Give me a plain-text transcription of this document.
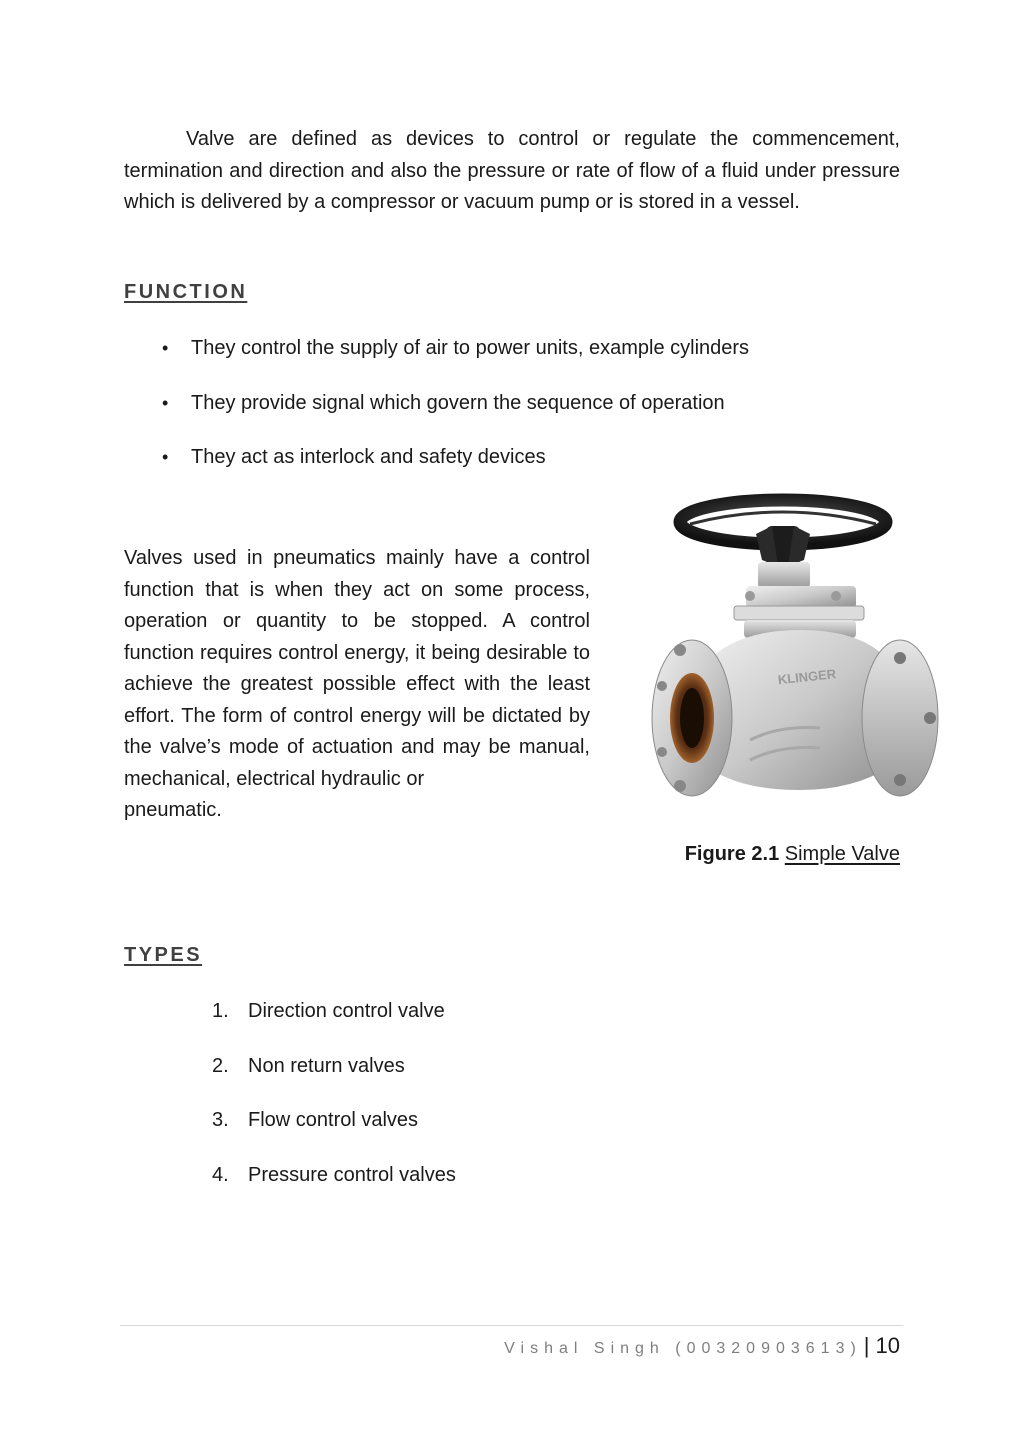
Valve are defined as devices to control or regulate the commencement, termination and direction and also the pressure or rate of flow of a fluid under pressure which is delivered by a compressor or vacuum pump or is stored in a vessel.

FUNCTION
•	They control the supply of air to power units, example cylinders
•	They provide signal which govern the sequence of operation
•	They act as interlock and safety devices

Valves used in pneumatics mainly have a control function that is when they act on some process, operation or quantity to be stopped. A control function requires control energy, it being desirable to achieve the greatest possible effect with the least effort. The form of control energy will be dictated by the valve’s mode of actuation and may be manual, mechanical, electrical hydraulic or
pneumatic.

KLINGER

Figure 2.1 Simple Valve

TYPES
1. Direction control valve
2. Non return valves
3. Flow control valves
4. Pressure control valves
Vishal Singh (00320903613) | 10
